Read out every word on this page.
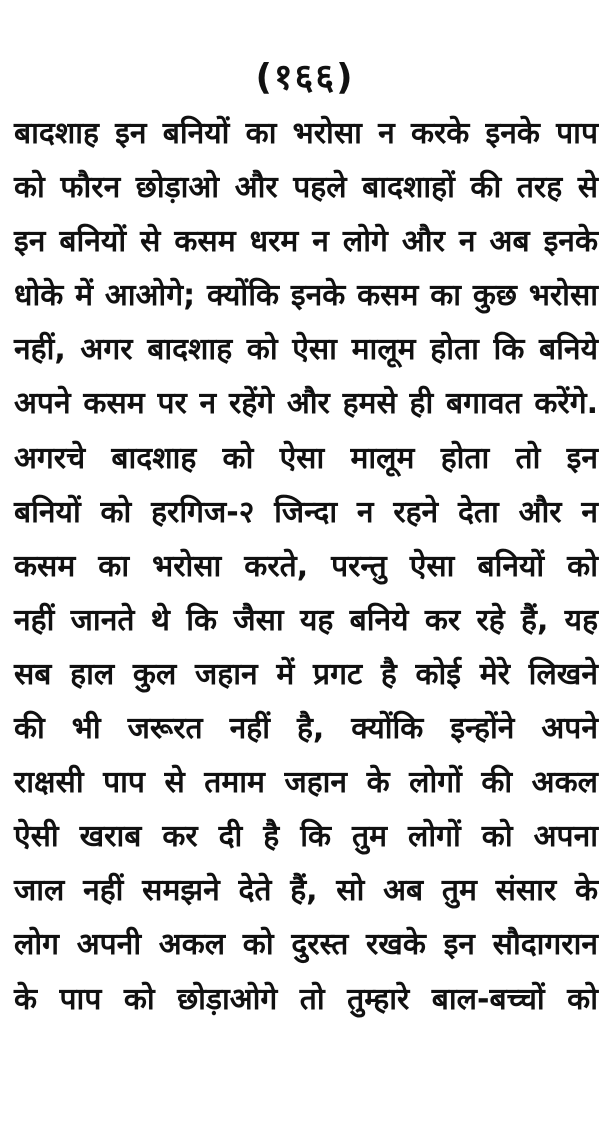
(१६६)
बादशाह इन बनियों का भरोसा न करके इनके पाप
को फौरन छोड़ाओ और पहले बादशाहों की तरह से
इन बनियों से कसम धरम न लोगे और न अब इनके
धोके में आओगे; क्योंकि इनके कसम का कुछ भरोसा
नहीं, अगर बादशाह को ऐसा मालूम होता कि बनिये
अपने कसम पर न रहेंगे और हमसे ही बगावत करेंगे.
अगरचे बादशाह को ऐसा मालूम होता तो इन
बनियों को हरगिज-२ जिन्दा न रहने देता और न
कसम का भरोसा करते, परन्तु ऐसा बनियों को
नहीं जानते थे कि जैसा यह बनिये कर रहे हैं, यह
सब हाल कुल जहान में प्रगट है कोई मेरे लिखने
की भी जरूरत नहीं है, क्योंकि इन्होंने अपने
राक्षसी पाप से तमाम जहान के लोगों की अकल
ऐसी खराब कर दी है कि तुम लोगों को अपना
जाल नहीं समझने देते हैं, सो अब तुम संसार के
लोग अपनी अकल को दुरस्त रखके इन सौदागरान
के पाप को छोड़ाओगे तो तुम्हारे बाल-बच्चों को
